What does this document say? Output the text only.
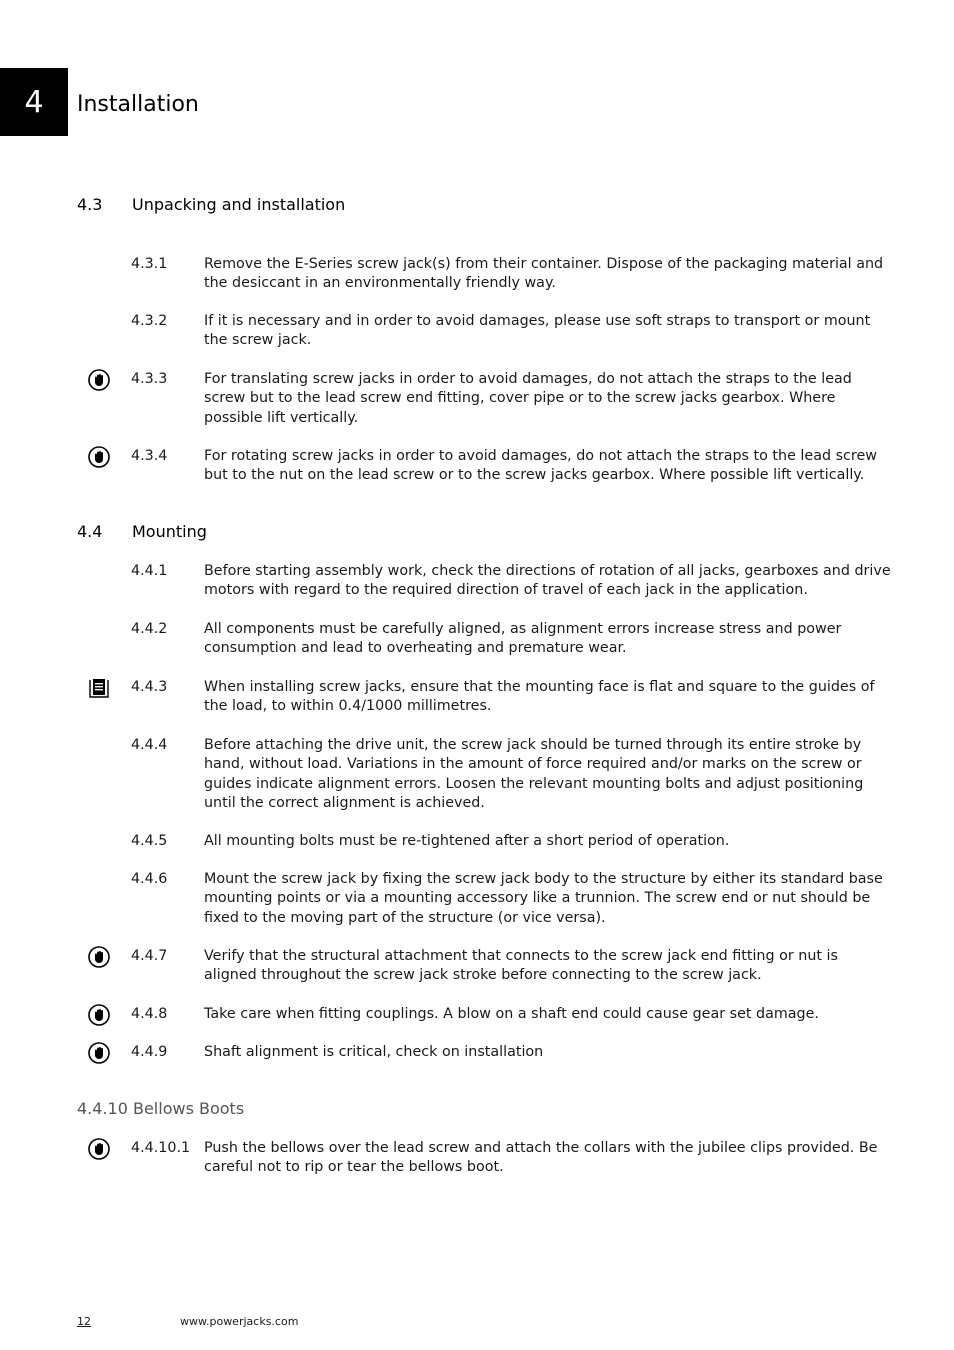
4	Installation
4.3 Unpacking and installation
4.3.1	Remove the E-Series screw jack(s) from their container. Dispose of the packaging material and the desiccant in an environmentally friendly way.
4.3.2	If it is necessary and in order to avoid damages, please use soft straps to transport or mount the screw jack.
4.3.3	For translating screw jacks in order to avoid damages, do not attach the straps to the lead screw but to the lead screw end fitting, cover pipe or to the screw jacks gearbox. Where possible lift vertically.
4.3.4	For rotating screw jacks in order to avoid damages, do not attach the straps to the lead screw but to the nut on the lead screw or to the screw jacks gearbox. Where possible lift vertically.
4.4 Mounting
4.4.1	Before starting assembly work, check the directions of rotation of all jacks, gearboxes and drive motors with regard to the required direction of travel of each jack in the application.
4.4.2	All components must be carefully aligned, as alignment errors increase stress and power consumption and lead to overheating and premature wear.
4.4.3	When installing screw jacks, ensure that the mounting face is flat and square to the guides of the load, to within 0.4/1000 millimetres.
4.4.4	Before attaching the drive unit, the screw jack should be turned through its entire stroke by hand, without load. Variations in the amount of force required and/or marks on the screw or guides indicate alignment errors. Loosen the relevant mounting bolts and adjust positioning until the correct alignment is achieved.
4.4.5	All mounting bolts must be re-tightened after a short period of operation.
4.4.6	Mount the screw jack by fixing the screw jack body to the structure by either its standard base mounting points or via a mounting accessory like a trunnion. The screw end or nut should be fixed to the moving part of the structure (or vice versa).
4.4.7	Verify that the structural attachment that connects to the screw jack end fitting or nut is aligned throughout the screw jack stroke before connecting to the screw jack.
4.4.8	Take care when fitting couplings. A blow on a shaft end could cause gear set damage.
4.4.9	Shaft alignment is critical, check on installation
4.4.10 Bellows Boots
4.4.10.1 Push the bellows over the lead screw and attach the collars with the jubilee clips provided. Be careful not to rip or tear the bellows boot.
12	www.powerjacks.com
